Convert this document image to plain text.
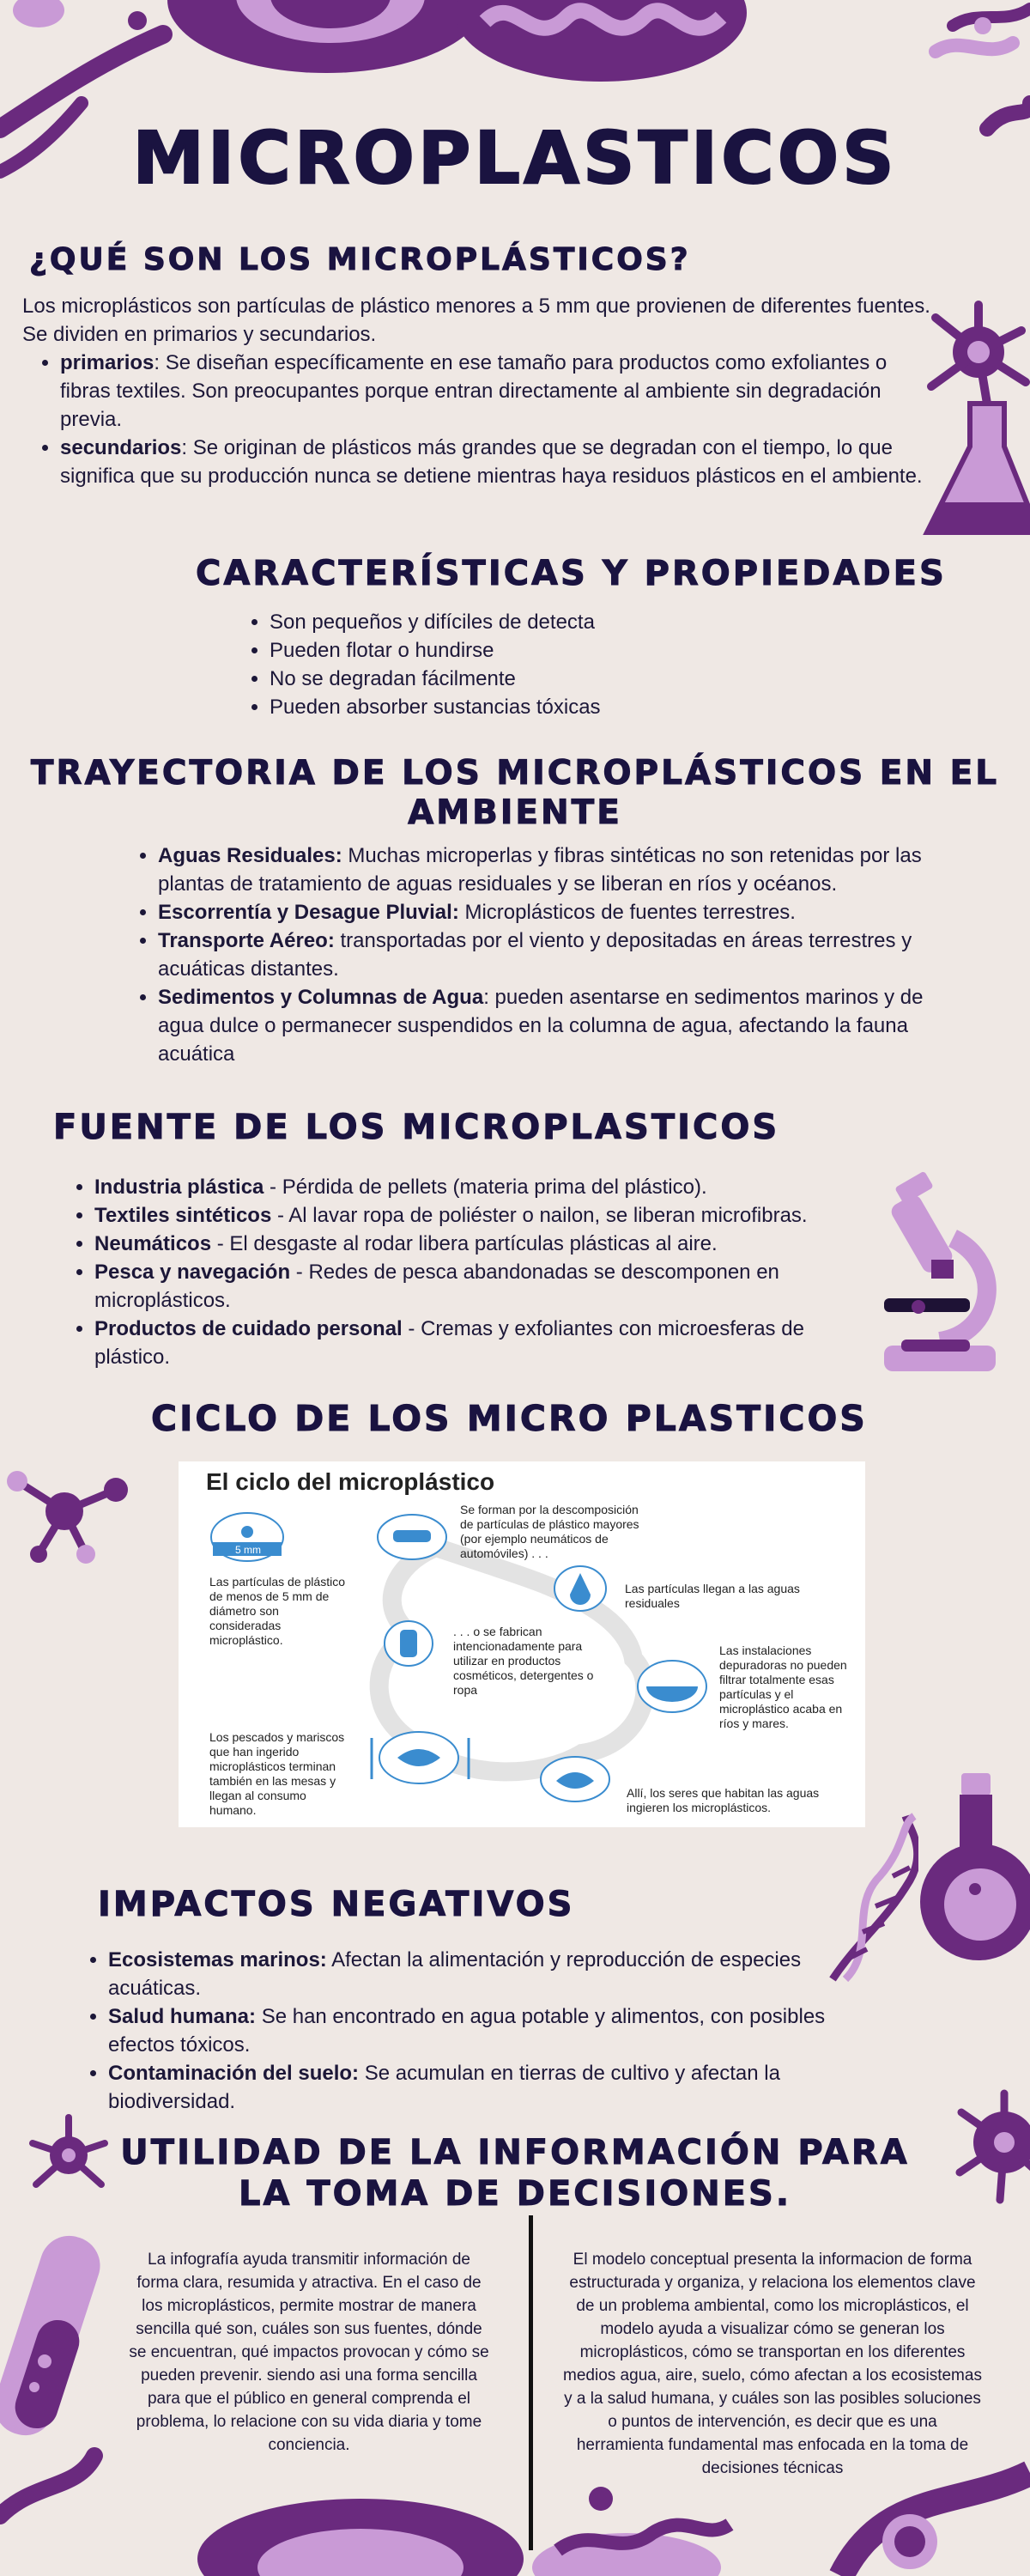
MICROPLASTICOS
¿QUÉ SON LOS MICROPLÁSTICOS?

Los microplásticos son partículas de plástico menores a 5 mm que provienen de diferentes fuentes. Se dividen en primarios y secundarios.

• primarios: Se diseñan específicamente en ese tamaño para productos como exfoliantes o fibras textiles. Son preocupantes porque entran directamente al ambiente sin degradación previa.
• secundarios: Se originan de plásticos más grandes que se degradan con el tiempo, lo que significa que su producción nunca se detiene mientras haya residuos plásticos en el ambiente.
CARACTERÍSTICAS Y PROPIEDADES
• Son pequeños y difíciles de detecta
• Pueden flotar o hundirse
• No se degradan fácilmente
• Pueden absorber sustancias tóxicas
TRAYECTORIA DE LOS MICROPLÁSTICOS EN EL
AMBIENTE
• Aguas Residuales: Muchas microperlas y fibras sintéticas no son retenidas por las plantas de tratamiento de aguas residuales y se liberan en ríos y océanos.
• Escorrentía y Desague Pluvial: Microplásticos de fuentes terrestres.
• Transporte Aéreo: transportadas por el viento y depositadas en áreas terrestres y acuáticas distantes.
• Sedimentos y Columnas de Agua: pueden asentarse en sedimentos marinos y de agua dulce o permanecer suspendidos en la columna de agua, afectando la fauna acuática
FUENTE DE LOS MICROPLASTICOS
• Industria plástica - Pérdida de pellets (materia prima del plástico).
• Textiles sintéticos - Al lavar ropa de poliéster o nailon, se liberan microfibras.
• Neumáticos - El desgaste al rodar libera partículas plásticas al aire.
• Pesca y navegación - Redes de pesca abandonadas se descomponen en microplásticos.
• Productos de cuidado personal - Cremas y exfoliantes con microesferas de plástico.
CICLO DE LOS MICRO PLASTICOS
El ciclo del microplástico
5 mm
Las partículas de plástico de menos de 5 mm de diámetro son consideradas microplástico.
Se forman por la descomposición de partículas de plástico mayores (por ejemplo neumáticos de automóviles) . . .
Las partículas llegan a las aguas residuales
. . . o se fabrican intencionadamente para utilizar en productos cosméticos, detergentes o ropa
Las instalaciones depuradoras no pueden filtrar totalmente esas partículas y el microplástico acaba en ríos y mares.
Los pescados y mariscos que han ingerido microplásticos terminan también en las mesas y llegan al consumo humano.
Allí, los seres que habitan las aguas ingieren los microplásticos.
IMPACTOS NEGATIVOS
• Ecosistemas marinos: Afectan la alimentación y reproducción de especies acuáticas.
• Salud humana: Se han encontrado en agua potable y alimentos, con posibles efectos tóxicos.
• Contaminación del suelo: Se acumulan en tierras de cultivo y afectan la biodiversidad.
UTILIDAD DE LA INFORMACIÓN PARA
LA TOMA DE DECISIONES.
La infografía ayuda transmitir información de forma clara, resumida y atractiva. En el caso de los microplásticos, permite mostrar de manera sencilla qué son, cuáles son sus fuentes, dónde se encuentran, qué impactos provocan y cómo se pueden prevenir. siendo asi una forma sencilla para que el público en general comprenda el problema, lo relacione con su vida diaria y tome conciencia.
El modelo conceptual presenta la informacion de forma estructurada y organiza, y relaciona los elementos clave de un problema ambiental, como los microplásticos, el modelo ayuda a visualizar cómo se generan los microplásticos, cómo se transportan en los diferentes medios agua, aire, suelo, cómo afectan a los ecosistemas y a la salud humana, y cuáles son las posibles soluciones o puntos de intervención, es decir que es una herramienta fundamental mas enfocada en la toma de decisiones técnicas
